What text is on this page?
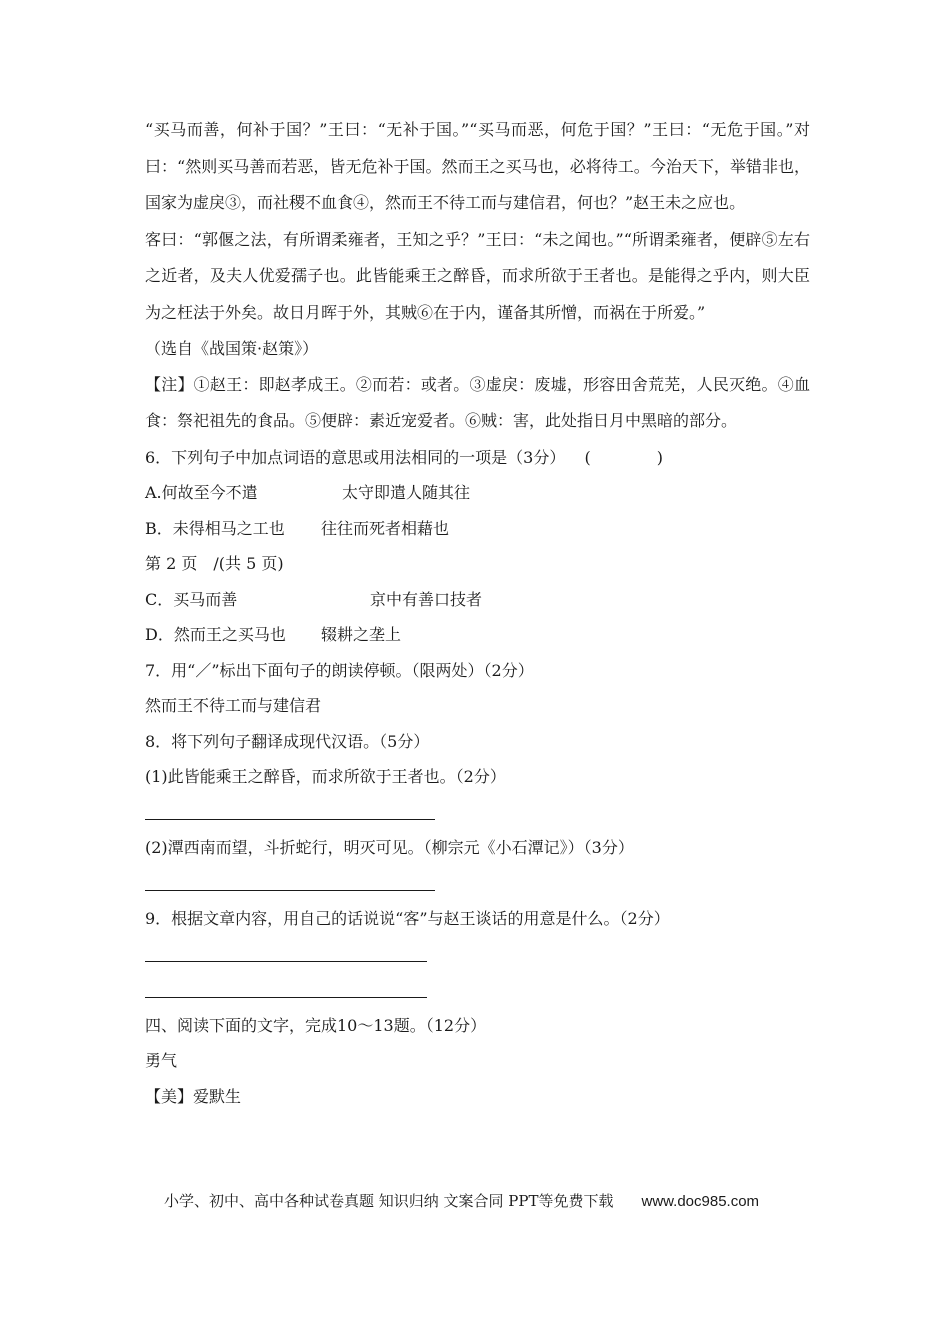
“买马而善，何补于国？”王曰：“无补于国。”“买马而恶，何危于国？”王曰：“无危于国。”对曰：“然则买马善而若恶，皆无危补于国。然而王之买马也，必将待工。今治天下，举错非也，国家为虚戾③，而社稷不血食④，然而王不待工而与建信君，何也？”赵王未之应也。

客曰：“郭偃之法，有所谓柔雍者，王知之乎？”王曰：“未之闻也。”“所谓柔雍者，便辟⑤左右之近者，及夫人优爱孺子也。此皆能乘王之醉昏，而求所欲于王者也。是能得之乎内，则大臣为之枉法于外矣。故日月晖于外，其贼⑥在于内，谨备其所憎，而祸在于所爱。”

（选自《战国策·赵策》）

【注】①赵王：即赵孝成王。②而若：或者。③虚戾：废墟，形容田舍荒芜，人民灭绝。④血食：祭祀祖先的食品。⑤便辟：素近宠爱者。⑥贼：害，此处指日月中黑暗的部分。

6．下列句子中加点词语的意思或用法相同的一项是（3分） (	)

A.何故至今不遣	太守即遣人随其往

B．未得相马之工也 往往而死者相藉也

第 2 页　/(共 5 页)

C．买马而善	京中有善口技者

D．然而王之买马也 辍耕之垄上

7．用“／”标出下面句子的朗读停顿。（限两处）（2分）

然而王不待工而与建信君

8．将下列句子翻译成现代汉语。（5分）

(1)此皆能乘王之醉昏，而求所欲于王者也。（2分）

(2)潭西南而望，斗折蛇行，明灭可见。（柳宗元《小石潭记》）（3分）

9．根据文章内容，用自己的话说说“客”与赵王谈话的用意是什么。（2分）

四、阅读下面的文字，完成10～13题。（12分）

勇气

【美】爱默生

小学、初中、高中各种试卷真题 知识归纳 文案合同 PPT等免费下载 www.doc985.com
